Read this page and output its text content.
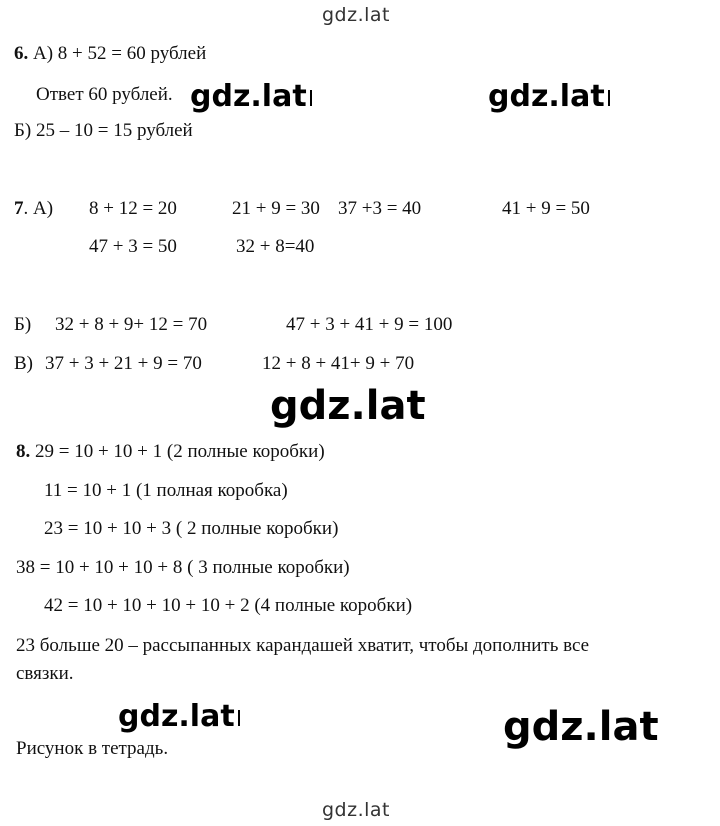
gdz.lat
gdz.lat	gdz.lat
gdz.lat
gdz.lat	gdz.lat
gdz.lat
6. А) 8 + 52 = 60 рублей
Ответ 60 рублей.
Б) 25 – 10 = 15 рублей
7. А) 8 + 12 = 20	21 + 9 = 30 37 +3 = 40	41 + 9 = 50
47 + 3 = 50	32 + 8=40
Б) 32 + 8 + 9+ 12 = 70	47 + 3 + 41 + 9 = 100
В) 37 + 3 + 21 + 9 = 70	12 + 8 + 41+ 9 + 70
8. 29 = 10 + 10 + 1 (2 полные коробки)
11 = 10 + 1 (1 полная коробка)
23 = 10 + 10 + 3 ( 2 полные коробки)
38 = 10 + 10 + 10 + 8 ( 3 полные коробки)
42 = 10 + 10 + 10 + 10 + 2 (4 полные коробки)
23 больше 20 – рассыпанных карандашей хватит, чтобы дополнить все
связки.
Рисунок в тетрадь.
